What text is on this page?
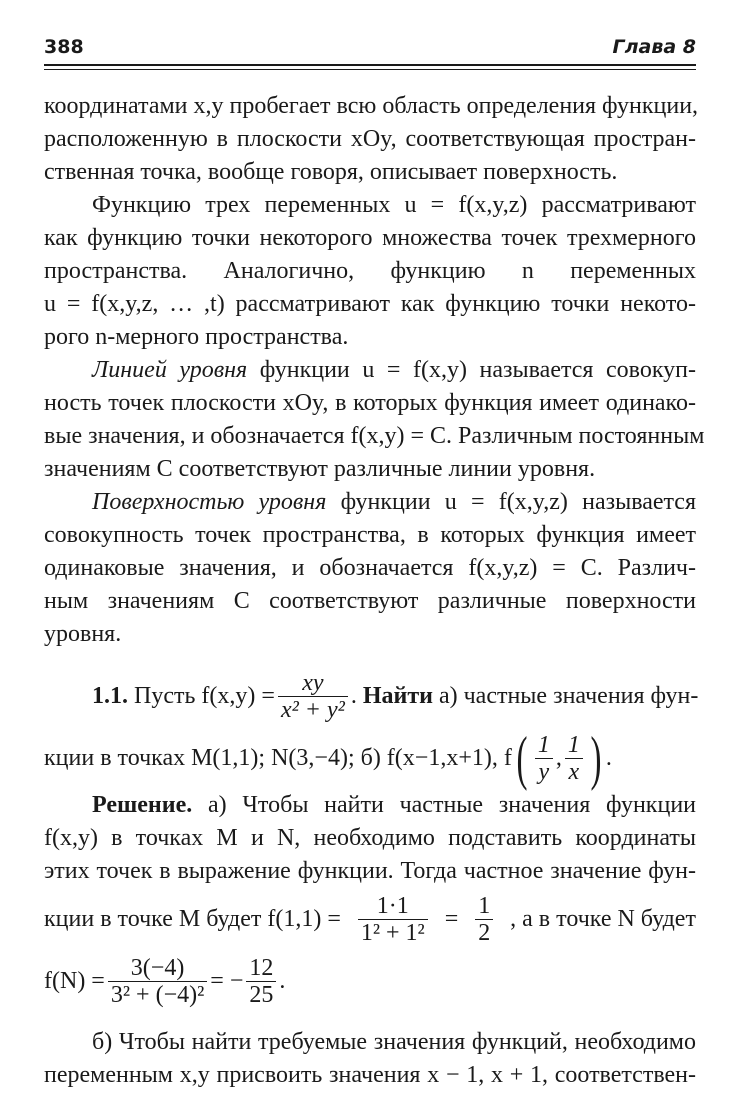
388	Глава 8
координатами x,y пробегает всю область определения функции,
расположенную в плоскости xOy, соответствующая простран-
ственная точка, вообще говоря, описывает поверхность.
Функцию трех переменных u = f(x,y,z) рассматривают
как функцию точки некоторого множества точек трехмерного
пространства. Аналогично, функцию n переменных
u = f(x,y,z, … ,t) рассматривают как функцию точки некото-
рого n-мерного пространства.
Линией уровня функции u = f(x,y) называется совокуп-
ность точек плоскости xOy, в которых функция имеет одинако-
вые значения, и обозначается f(x,y) = C. Различным постоянным
значениям C соответствуют различные линии уровня.
Поверхностью уровня функции u = f(x,y,z) называется
совокупность точек пространства, в которых функция имеет
одинаковые значения, и обозначается f(x,y,z) = C. Различ-
ным значениям C соответствуют различные поверхности
уровня.
1.1.
Пусть $f(x,y) = \frac{xy}{\text{x² + y²}}$ . Найти
а) частные значения фун-
кции в точках M(1,1); N(3,−4); б) f(x−1,x+1), f ( $\frac{1}{y}$ , $\frac{1}{x}$ ) .
Решение. а) Чтобы найти частные значения функции
f(x,y) в точках M и N, необходимо подставить координаты
этих точек в выражение функции. Тогда частное значение фун-
кции в точке M будет $f(1,1) = \frac{1\cdot 1}{\text{1² + 1²}} = \frac{1}{2}$ , а в точке N будет
$f(N) = \frac{3(-4)}{\text{3² + (−4)²}}$ = − $\frac{12}{25}$ .
б) Чтобы найти требуемые значения функций, необходимо
переменным x,y присвоить значения x − 1, x + 1, соответствен-
